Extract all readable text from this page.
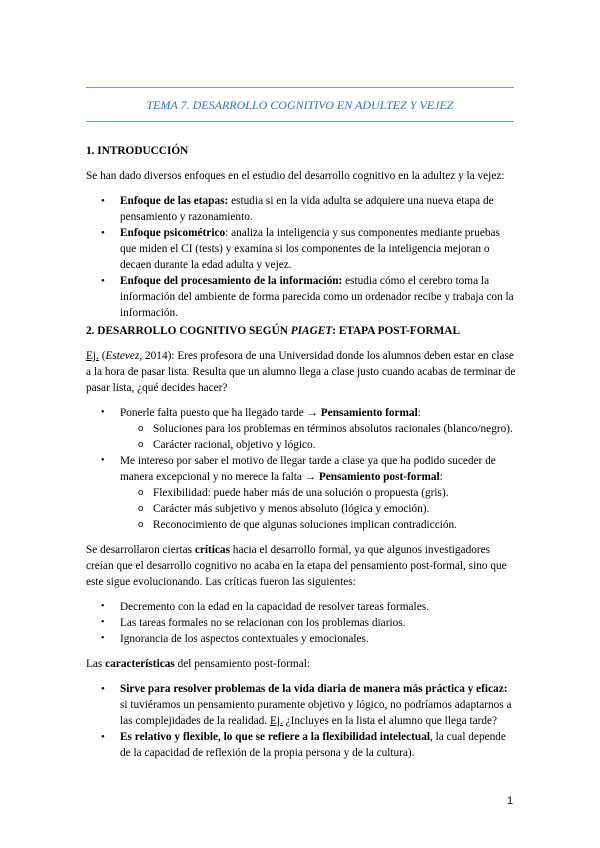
TEMA 7. DESARROLLO COGNITIVO EN ADULTEZ Y VEJEZ

1. INTRODUCCIÓN

Se han dado diversos enfoques en el estudio del desarrollo cognitivo en la adultez y la vejez:

• Enfoque de las etapas: estudia si en la vida adulta se adquiere una nueva etapa de pensamiento y razonamiento.
• Enfoque psicométrico: analiza la inteligencia y sus componentes mediante pruebas que miden el CI (tests) y examina si los componentes de la inteligencia mejoran o decaen durante la edad adulta y vejez.
• Enfoque del procesamiento de la información: estudia cómo el cerebro toma la información del ambiente de forma parecida como un ordenador recibe y trabaja con la información.

2. DESARROLLO COGNITIVO SEGÚN PIAGET: ETAPA POST-FORMAL

Ej. (Estevez, 2014): Eres profesora de una Universidad donde los alumnos deben estar en clase a la hora de pasar lista. Resulta que un alumno llega a clase justo cuando acabas de terminar de pasar lista, ¿qué decides hacer?

• Ponerle falta puesto que ha llegado tarde → Pensamiento formal:
o Soluciones para los problemas en términos absolutos racionales (blanco/negro).
o Carácter racional, objetivo y lógico.
• Me intereso por saber el motivo de llegar tarde a clase ya que ha podido suceder de manera excepcional y no merece la falta → Pensamiento post-formal:
o Flexibilidad: puede haber más de una solución o propuesta (gris).
o Carácter más subjetivo y menos absoluto (lógica y emoción).
o Reconocimiento de que algunas soluciones implican contradicción.

Se desarrollaron ciertas críticas hacia el desarrollo formal, ya que algunos investigadores creían que el desarrollo cognitivo no acaba en la etapa del pensamiento post-formal, sino que este sigue evolucionando. Las críticas fueron las siguientes:

• Decremento con la edad en la capacidad de resolver tareas formales.
• Las tareas formales no se relacionan con los problemas diarios.
• Ignorancia de los aspectos contextuales y emocionales.

Las características del pensamiento post-formal:

• Sirve para resolver problemas de la vida diaria de manera más práctica y eficaz: si tuviéramos un pensamiento puramente objetivo y lógico, no podríamos adaptarnos a las complejidades de la realidad. Ej. ¿Incluyes en la lista el alumno que llega tarde?
• Es relativo y flexible, lo que se refiere a la flexibilidad intelectual, la cual depende de la capacidad de reflexión de la propia persona y de la cultura).
1
